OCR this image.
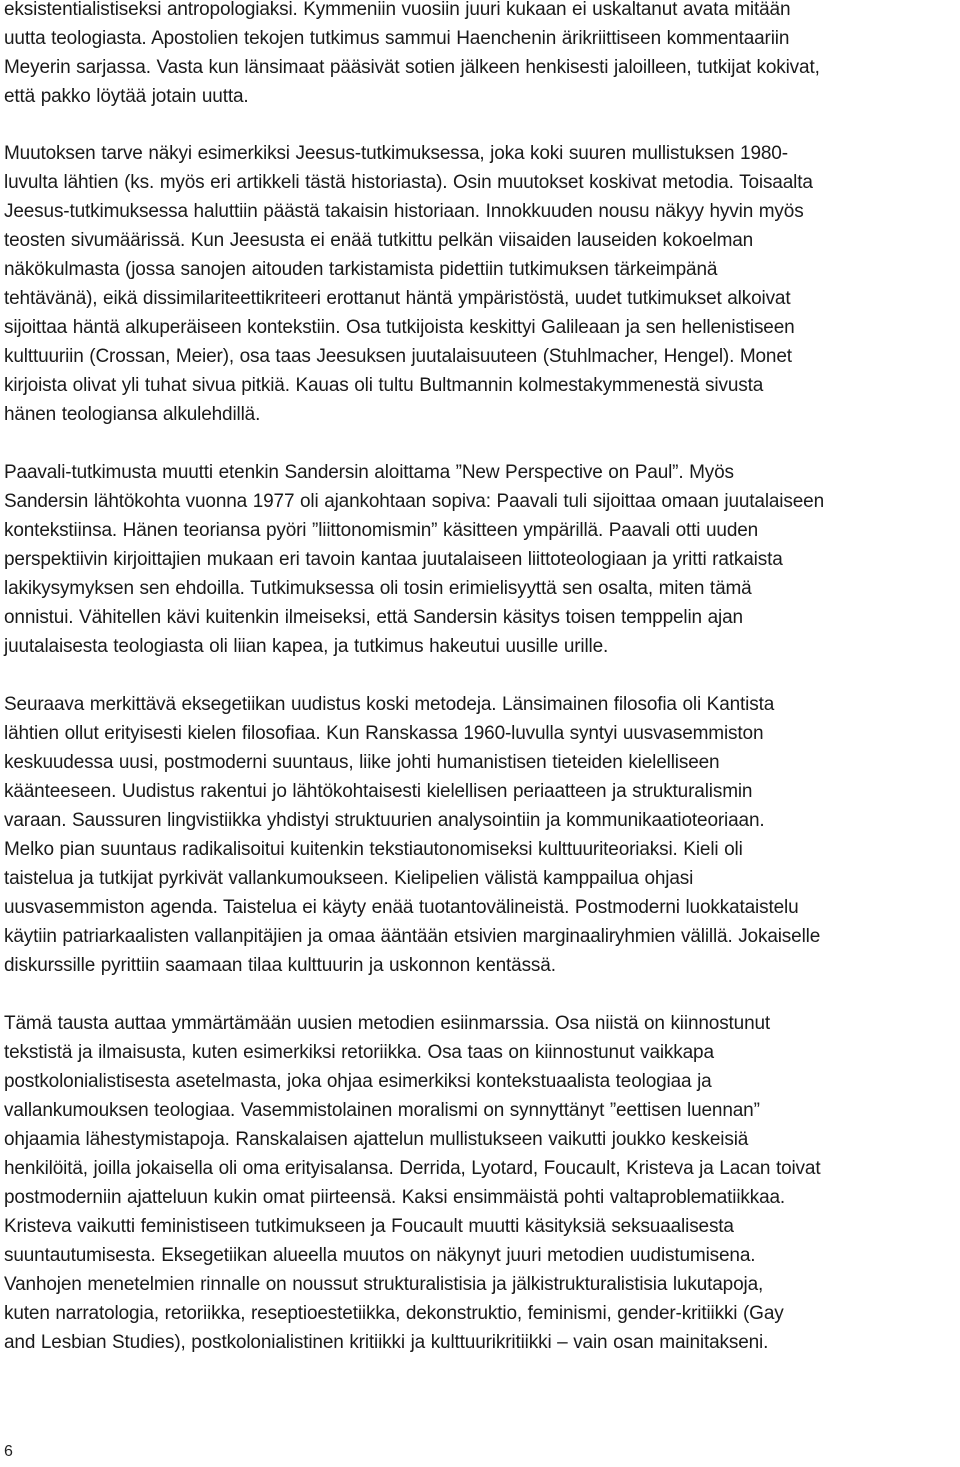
eksistentialistiseksi antropologiaksi. Kymmeniin vuosiin juuri kukaan ei uskaltanut avata mitään
uutta teologiasta. Apostolien tekojen tutkimus sammui Haenchenin ärikriittiseen kommentaariin
Meyerin sarjassa. Vasta kun länsimaat pääsivät sotien jälkeen henkisesti jaloilleen, tutkijat kokivat,
että pakko löytää jotain uutta.

Muutoksen tarve näkyi esimerkiksi Jeesus-tutkimuksessa, joka koki suuren mullistuksen 1980-
luvulta lähtien (ks. myös eri artikkeli tästä historiasta). Osin muutokset koskivat metodia. Toisaalta
Jeesus-tutkimuksessa haluttiin päästä takaisin historiaan. Innokkuuden nousu näkyy hyvin myös
teosten sivumäärissä. Kun Jeesusta ei enää tutkittu pelkän viisaiden lauseiden kokoelman
näkökulmasta (jossa sanojen aitouden tarkistamista pidettiin tutkimuksen tärkeimpänä
tehtävänä), eikä dissimilariteettikriteeri erottanut häntä ympäristöstä, uudet tutkimukset alkoivat
sijoittaa häntä alkuperäiseen kontekstiin. Osa tutkijoista keskittyi Galileaan ja sen hellenistiseen
kulttuuriin (Crossan, Meier), osa taas Jeesuksen juutalaisuuteen (Stuhlmacher, Hengel). Monet
kirjoista olivat yli tuhat sivua pitkiä. Kauas oli tultu Bultmannin kolmestakymmenestä sivusta
hänen teologiansa alkulehdillä.

Paavali-tutkimusta muutti etenkin Sandersin aloittama ”New Perspective on Paul”. Myös
Sandersin lähtökohta vuonna 1977 oli ajankohtaan sopiva: Paavali tuli sijoittaa omaan juutalaiseen
kontekstiinsa. Hänen teoriansa pyöri ”liittonomismin” käsitteen ympärillä. Paavali otti uuden
perspektiivin kirjoittajien mukaan eri tavoin kantaa juutalaiseen liittoteologiaan ja yritti ratkaista
lakikysymyksen sen ehdoilla. Tutkimuksessa oli tosin erimielisyyttä sen osalta, miten tämä
onnistui. Vähitellen kävi kuitenkin ilmeiseksi, että Sandersin käsitys toisen temppelin ajan
juutalaisesta teologiasta oli liian kapea, ja tutkimus hakeutui uusille urille.

Seuraava merkittävä eksegetiikan uudistus koski metodeja. Länsimainen filosofia oli Kantista
lähtien ollut erityisesti kielen filosofiaa. Kun Ranskassa 1960-luvulla syntyi uusvasemmiston
keskuudessa uusi, postmoderni suuntaus, liike johti humanistisen tieteiden kielelliseen
käänteeseen. Uudistus rakentui jo lähtökohtaisesti kielellisen periaatteen ja strukturalismin
varaan. Saussuren lingvistiikka yhdistyi struktuurien analysointiin ja kommunikaatioteoriaan.
Melko pian suuntaus radikalisoitui kuitenkin tekstiautonomiseksi kulttuuriteoriaksi. Kieli oli
taistelua ja tutkijat pyrkivät vallankumoukseen. Kielipelien välistä kamppailua ohjasi
uusvasemmiston agenda. Taistelua ei käyty enää tuotantovälineistä. Postmoderni luokkataistelu
käytiin patriarkaalisten vallanpitäjien ja omaa ääntään etsivien marginaaliryhmien välillä. Jokaiselle
diskurssille pyrittiin saamaan tilaa kulttuurin ja uskonnon kentässä.

Tämä tausta auttaa ymmärtämään uusien metodien esiinmarssia. Osa niistä on kiinnostunut
tekstistä ja ilmaisusta, kuten esimerkiksi retoriikka. Osa taas on kiinnostunut vaikkapa
postkolonialistisesta asetelmasta, joka ohjaa esimerkiksi kontekstuaalista teologiaa ja
vallankumouksen teologiaa. Vasemmistolainen moralismi on synnyttänyt ”eettisen luennan”
ohjaamia lähestymistapoja. Ranskalaisen ajattelun mullistukseen vaikutti joukko keskeisiä
henkilöitä, joilla jokaisella oli oma erityisalansa. Derrida, Lyotard, Foucault, Kristeva ja Lacan toivat
postmoderniin ajatteluun kukin omat piirteensä. Kaksi ensimmäistä pohti valtaproblematiikkaa.
Kristeva vaikutti feministiseen tutkimukseen ja Foucault muutti käsityksiä seksuaalisesta
suuntautumisesta. Eksegetiikan alueella muutos on näkynyt juuri metodien uudistumisena.
Vanhojen menetelmien rinnalle on noussut strukturalistisia ja jälkistrukturalistisia lukutapoja,
kuten narratologia, retoriikka, reseptioestetiikka, dekonstruktio, feminismi, gender-kritiikki (Gay
and Lesbian Studies), postkolonialistinen kritiikki ja kulttuurikritiikki – vain osan mainitakseni.

6
